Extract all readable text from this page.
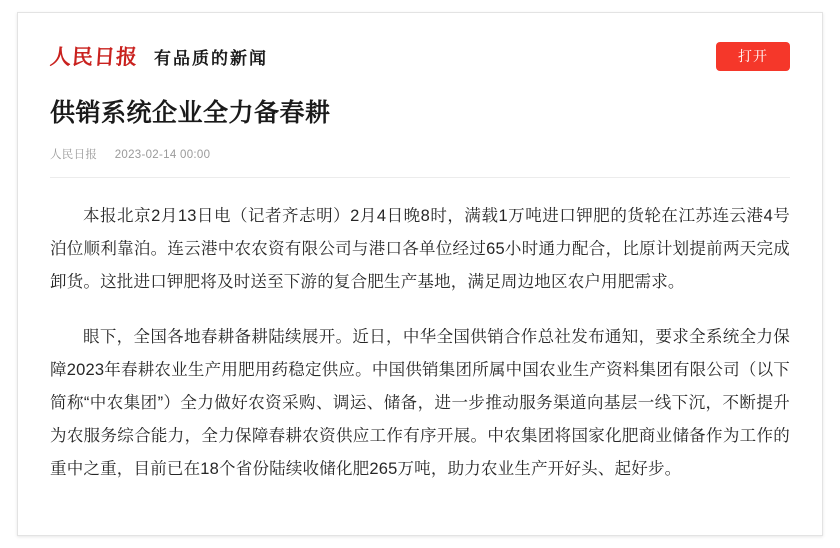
人民日报 有品质的新闻	打开
供销系统企业全力备春耕
人民日报 2023-02-14 00:00

本报北京2月13日电（记者齐志明）2月4日晚8时，满载1万吨进口钾肥的货轮在江苏连云港4号泊位顺利靠泊。连云港中农农资有限公司与港口各单位经过65小时通力配合，比原计划提前两天完成卸货。这批进口钾肥将及时送至下游的复合肥生产基地，满足周边地区农户用肥需求。

眼下，全国各地春耕备耕陆续展开。近日，中华全国供销合作总社发布通知，要求全系统全力保障2023年春耕农业生产用肥用药稳定供应。中国供销集团所属中国农业生产资料集团有限公司（以下简称“中农集团”）全力做好农资采购、调运、储备，进一步推动服务渠道向基层一线下沉，不断提升为农服务综合能力，全力保障春耕农资供应工作有序开展。中农集团将国家化肥商业储备作为工作的重中之重，目前已在18个省份陆续收储化肥265万吨，助力农业生产开好头、起好步。
